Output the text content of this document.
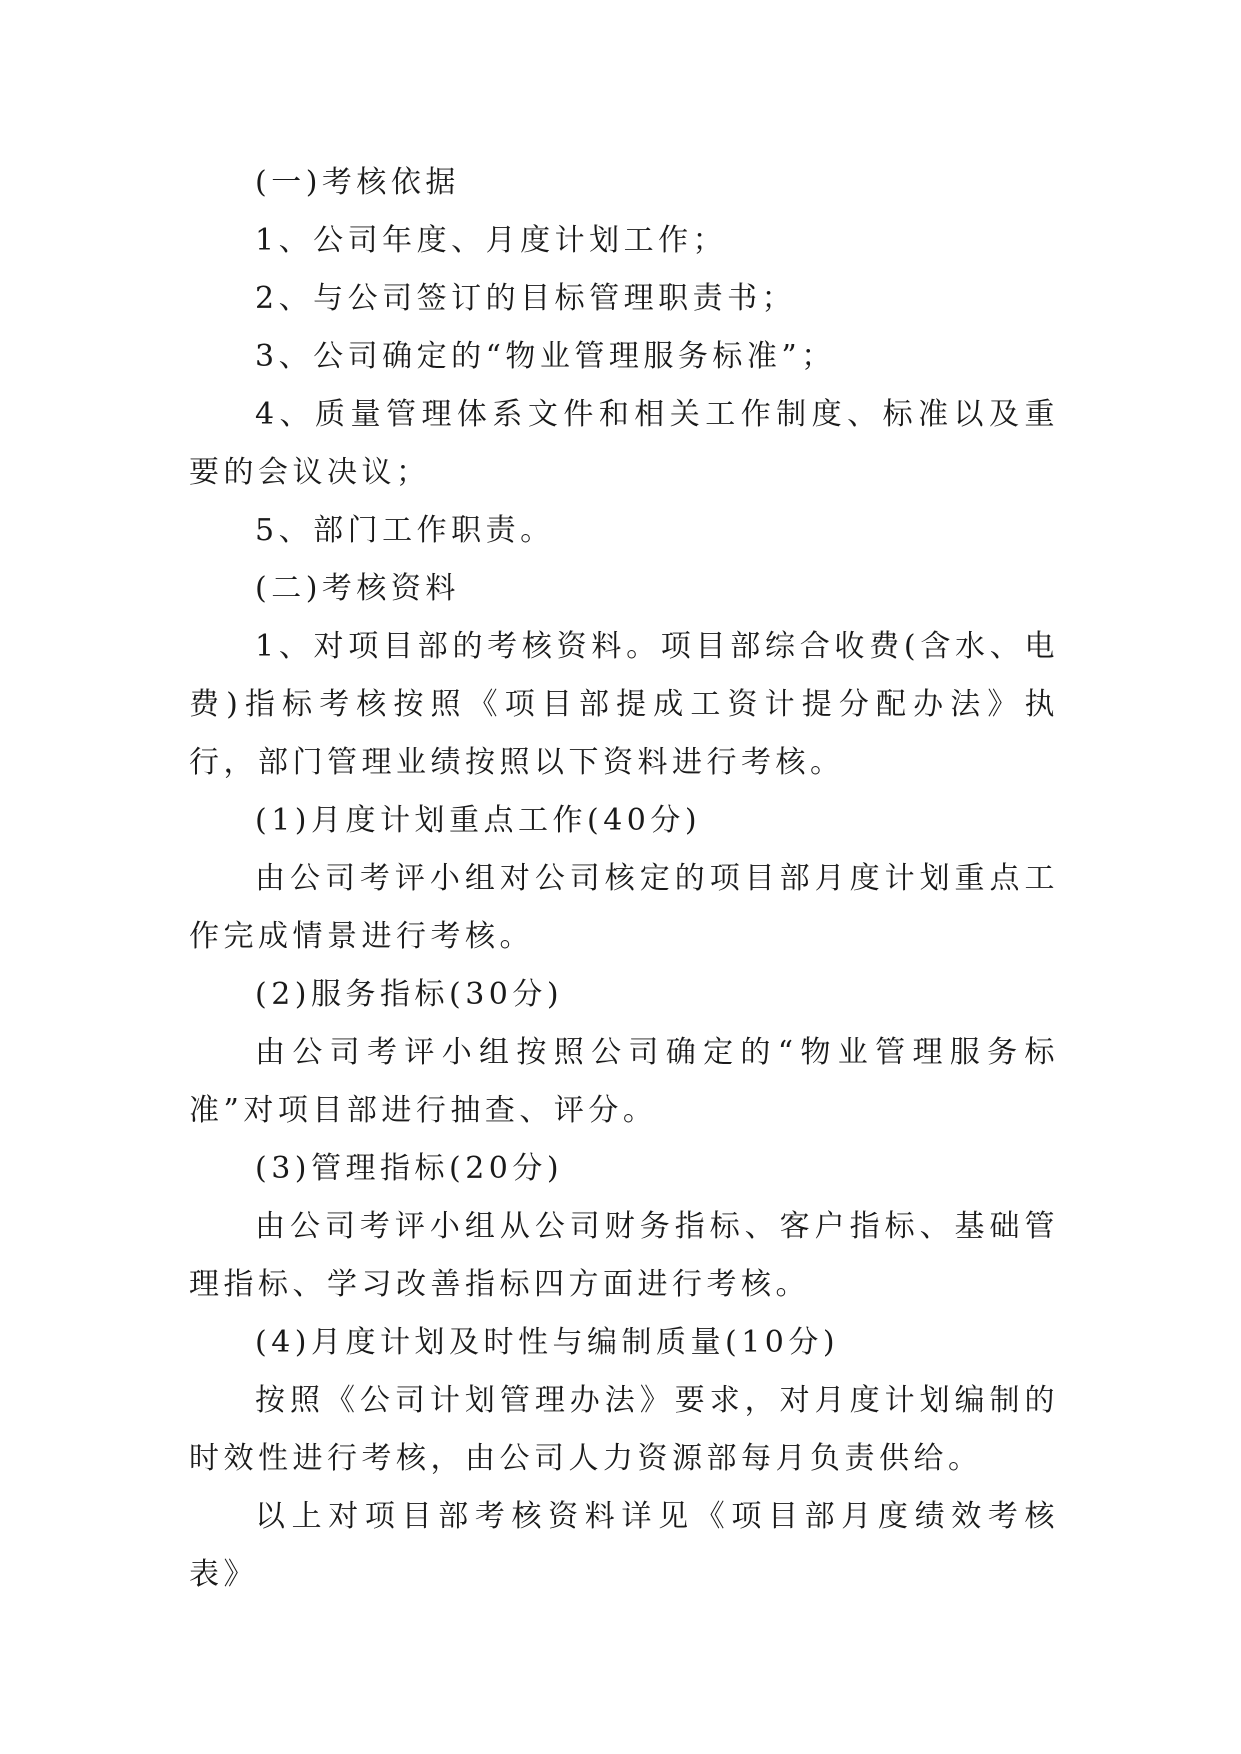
(一)考核依据

1、公司年度、月度计划工作；

2、与公司签订的目标管理职责书；

3、公司确定的“物业管理服务标准”；

4、质量管理体系文件和相关工作制度、标准以及重要的会议决议；

5、部门工作职责。

(二)考核资料

1、对项目部的考核资料。项目部综合收费(含水、电费)指标考核按照《项目部提成工资计提分配办法》执行，部门管理业绩按照以下资料进行考核。

(1)月度计划重点工作(40分)

由公司考评小组对公司核定的项目部月度计划重点工作完成情景进行考核。

(2)服务指标(30分)

由公司考评小组按照公司确定的“物业管理服务标准”对项目部进行抽查、评分。

(3)管理指标(20分)

由公司考评小组从公司财务指标、客户指标、基础管理指标、学习改善指标四方面进行考核。

(4)月度计划及时性与编制质量(10分)

按照《公司计划管理办法》要求，对月度计划编制的时效性进行考核，由公司人力资源部每月负责供给。

以上对项目部考核资料详见《项目部月度绩效考核表》
